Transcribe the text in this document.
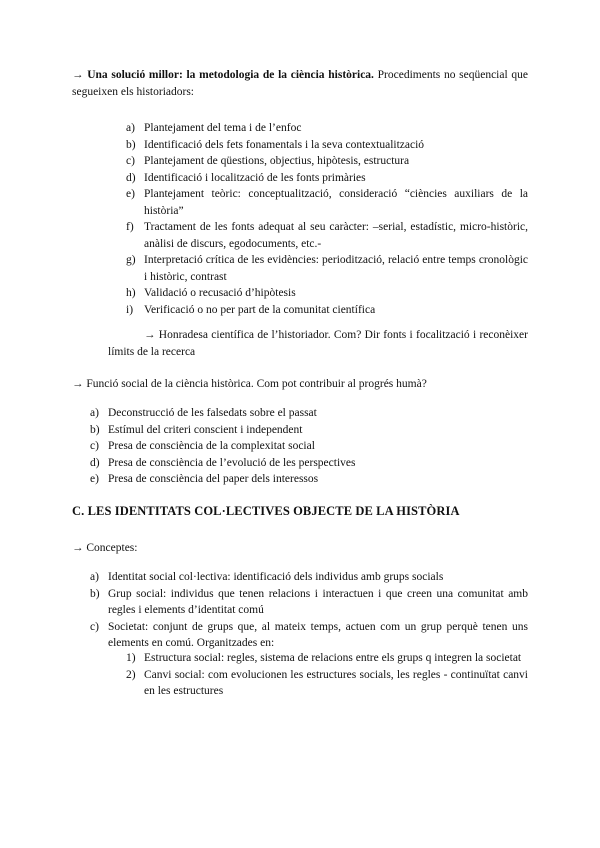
→ Una solució millor: la metodologia de la ciència històrica. Procediments no seqüencial que segueixen els historiadors:

a) Plantejament del tema i de l’enfoc
b) Identificació dels fets fonamentals i la seva contextualització
c) Plantejament de qüestions, objectius, hipòtesis, estructura
d) Identificació i localització de les fonts primàries
e) Plantejament teòric: conceptualització, consideració “ciències auxiliars de la història”
f) Tractament de les fonts adequat al seu caràcter: –serial, estadístic, micro-històric, anàlisi de discurs, egodocuments, etc.-
g) Interpretació crítica de les evidències: periodització, relació entre temps cronològic i històric, contrast
h) Validació o recusació d’hipòtesis
i) Verificació o no per part de la comunitat científica

→ Honradesa científica de l’historiador. Com? Dir fonts i focalització i reconèixer límits de la recerca

→ Funció social de la ciència històrica. Com pot contribuir al progrés humà?

a) Deconstrucció de les falsedats sobre el passat
b) Estímul del criteri conscient i independent
c) Presa de consciència de la complexitat social
d) Presa de consciència de l’evolució de les perspectives
e) Presa de consciència del paper dels interessos
C. LES IDENTITATS COL·LECTIVES OBJECTE DE LA HISTÒRIA

→ Conceptes:

a) Identitat social col·lectiva: identificació dels individus amb grups socials
b) Grup social: individus que tenen relacions i interactuen i que creen una comunitat amb regles i elements d’identitat comú
c) Societat: conjunt de grups que, al mateix temps, actuen com un grup perquè tenen uns elements en comú. Organitzades en:
1) Estructura social: regles, sistema de relacions entre els grups q integren la societat
2) Canvi social: com evolucionen les estructures socials, les regles - continuïtat canvi en les estructures
